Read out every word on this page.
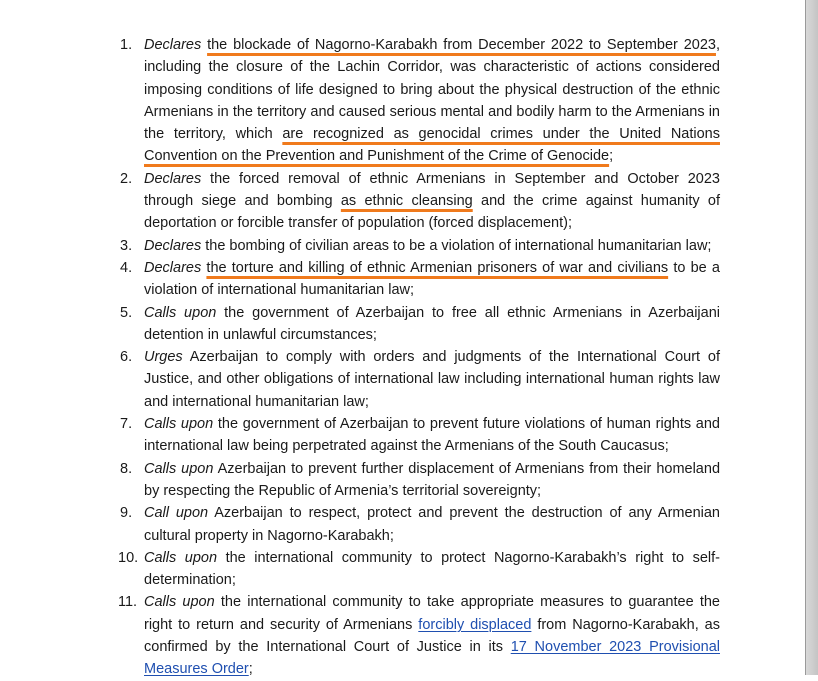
1. Declares the blockade of Nagorno-Karabakh from December 2022 to September 2023, including the closure of the Lachin Corridor, was characteristic of actions considered imposing conditions of life designed to bring about the physical destruction of the ethnic Armenians in the territory and caused serious mental and bodily harm to the Armenians in the territory, which are recognized as genocidal crimes under the United Nations Convention on the Prevention and Punishment of the Crime of Genocide;
2. Declares the forced removal of ethnic Armenians in September and October 2023 through siege and bombing as ethnic cleansing and the crime against humanity of deportation or forcible transfer of population (forced displacement);
3. Declares the bombing of civilian areas to be a violation of international humanitarian law;
4. Declares the torture and killing of ethnic Armenian prisoners of war and civilians to be a violation of international humanitarian law;
5. Calls upon the government of Azerbaijan to free all ethnic Armenians in Azerbaijani detention in unlawful circumstances;
6. Urges Azerbaijan to comply with orders and judgments of the International Court of Justice, and other obligations of international law including international human rights law and international humanitarian law;
7. Calls upon the government of Azerbaijan to prevent future violations of human rights and international law being perpetrated against the Armenians of the South Caucasus;
8. Calls upon Azerbaijan to prevent further displacement of Armenians from their homeland by respecting the Republic of Armenia’s territorial sovereignty;
9. Call upon Azerbaijan to respect, protect and prevent the destruction of any Armenian cultural property in Nagorno-Karabakh;
10. Calls upon the international community to protect Nagorno-Karabakh’s right to self-determination;
11. Calls upon the international community to take appropriate measures to guarantee the right to return and security of Armenians forcibly displaced from Nagorno-Karabakh, as confirmed by the International Court of Justice in its 17 November 2023 Provisional Measures Order;
